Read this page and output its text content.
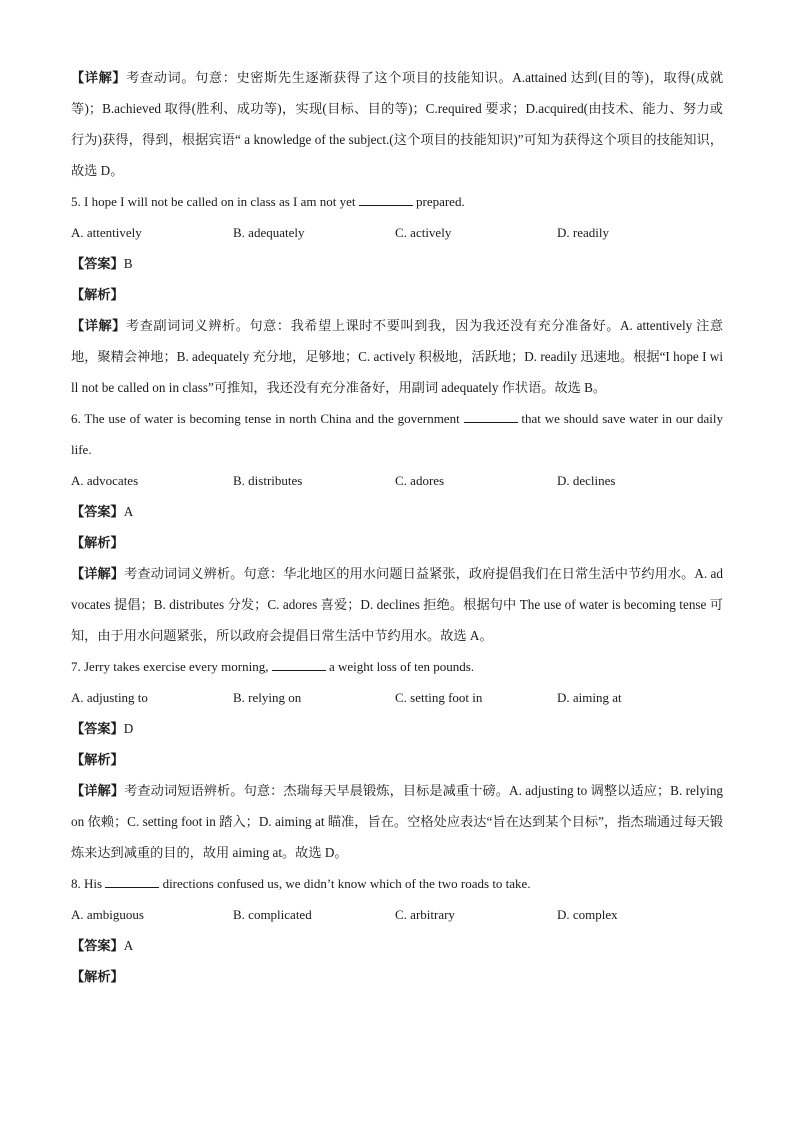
【详解】考查动词。句意：史密斯先生逐渐获得了这个项目的技能知识。A.attained 达到(目的等)，取得(成就等)；B.achieved 取得(胜利、成功等)，实现(目标、目的等)；C.required 要求；D.acquired(由技术、能力、努力或行为)获得，得到，根据宾语“ a knowledge of the subject.(这个项目的技能知识)”可知为获得这个项目的技能知识，故选 D。

5. I hope I will not be called on in class as I am not yet	prepared.

A. attentively	B. adequately	C. actively	D. readily

【答案】B

【解析】

【详解】考查副词词义辨析。句意：我希望上课时不要叫到我，因为我还没有充分准备好。A. attentively 注意地，聚精会神地；B. adequately 充分地，足够地；C. actively 积极地，活跃地；D. readily 迅速地。根据“I hope I will not be called on in class”可推知，我还没有充分准备好，用副词 adequately 作状语。故选 B。

6. The use of water is becoming tense in north China and the government	that we should save water in our daily life.

A. advocates	B. distributes	C. adores	D. declines

【答案】A

【解析】

【详解】考查动词词义辨析。句意：华北地区的用水问题日益紧张，政府提倡我们在日常生活中节约用水。A. advocates 提倡；B. distributes 分发；C. adores 喜爱；D. declines 拒绝。根据句中 The use of water is becoming tense 可知，由于用水问题紧张，所以政府会提倡日常生活中节约用水。故选 A。

7. Jerry takes exercise every morning,	a weight loss of ten pounds.

A. adjusting to	B. relying on	C. setting foot in	D. aiming at

【答案】D

【解析】

【详解】考查动词短语辨析。句意：杰瑞每天早晨锻炼，目标是减重十磅。A. adjusting to 调整以适应；B. relying on 依赖；C. setting foot in 踏入；D. aiming at 瞄准，旨在。空格处应表达“旨在达到某个目标”，指杰瑞通过每天锻炼来达到减重的目的，故用 aiming at。故选 D。

8. His	directions confused us, we didn’t know which of the two roads to take.

A. ambiguous	B. complicated	C. arbitrary	D. complex

【答案】A

【解析】
